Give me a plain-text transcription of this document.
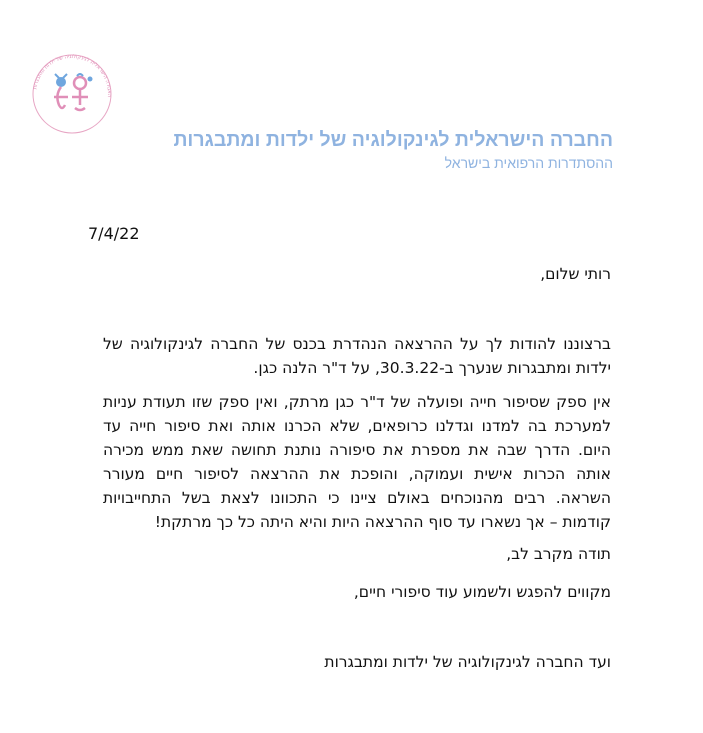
האגודה הישראלית לגינקולוגיה של ילדות ומתבגרות
החברה הישראלית לגינקולוגיה של ילדות ומתבגרות
ההסתדרות הרפואית בישראל
7/4/22
רותי שלום,

ברצוננו להודות לך על ההרצאה הנהדרת בכנס של החברה לגינקולוגיה של ילדות ומתבגרות שנערך ב-30.3.22, על ד"ר הלנה כגן.

אין ספק שסיפור חייה ופועלה של ד"ר כגן מרתק, ואין ספק שזו תעודת עניות למערכת בה למדנו וגדלנו כרופאים, שלא הכרנו אותה ואת סיפור חייה עד היום. הדרך שבה את מספרת את סיפורה נותנת תחושה שאת ממש מכירה אותה הכרות אישית ועמוקה, והופכת את ההרצאה לסיפור חיים מעורר השראה. רבים מהנוכחים באולם ציינו כי התכוונו לצאת בשל התחייבויות קודמות – אך נשארו עד סוף ההרצאה היות והיא היתה כל כך מרתקת!

תודה מקרב לב,
מקווים להפגש ולשמוע עוד סיפורי חיים,
ועד החברה לגינקולוגיה של ילדות ומתבגרות
